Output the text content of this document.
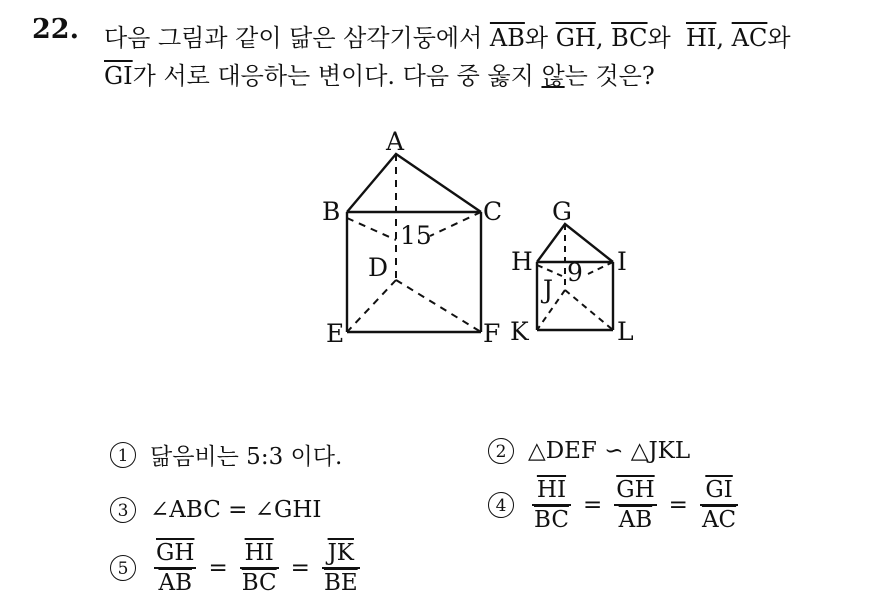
22. 다음 그림과 같이 닮은 삼각기둥에서 $\overline{AB}$와 $\overline{GH}$, $\overline{BC}$와  $\overline{HI}$, $\overline{AC}$와
$\overline{GI}$가 서로 대응하는 변이다. 다음 중 옳지 않는 것은?
A
B	C
D
E	F
15
G
H	I
J
K	L
9
1 닮음비는 5:3 이다.	2 △DEF ∽ △JKL
3 ∠ABC = ∠GHI	4	$\frac{\overline{HI}}{BC} = \frac{\overline{GH}}{AB} = \frac{\overline{GI}}{AC}$
5	$\frac{\overline{GH}}{AB} = \frac{\overline{HI}}{BC} = \frac{\overline{JK}}{BE}$
